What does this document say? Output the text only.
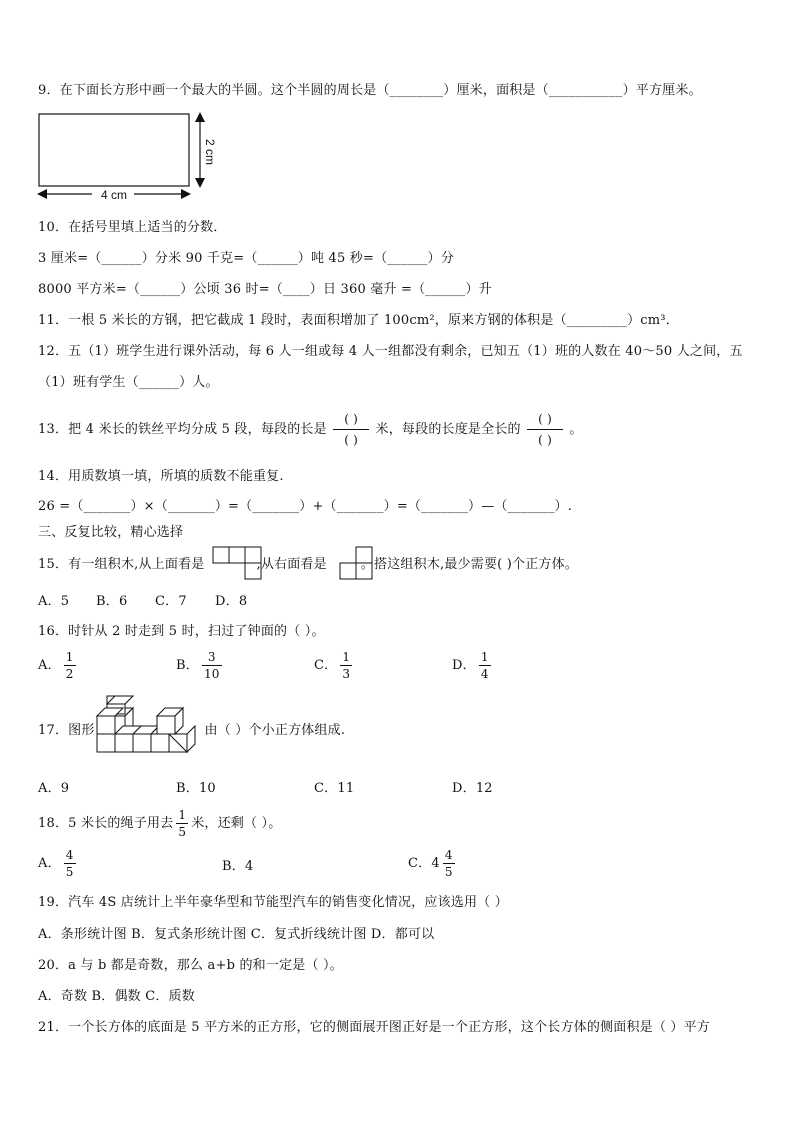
9．在下面长方形中画一个最大的半圆。这个半圆的周长是（________）厘米，面积是（___________）平方厘米。
2 cm
4 cm
10．在括号里填上适当的分数．
3 厘米=（______）分米 90 千克=（______）吨 45 秒=（______）分
8000 平方米=（______）公顷 36 时=（____）日 360 毫升 =（______）升
11．一根 5 米长的方钢，把它截成 1 段时，表面积增加了 100cm²，原来方钢的体积是（_________）cm³．
12．五（1）班学生进行课外活动，每 6 人一组或每 4 人一组都没有剩余，已知五（1）班的人数在 40～50 人之间，五
（1）班有学生（______）人。
13．把 4 米长的铁丝平均分成 5 段，每段的长是 $\frac{( )}{( )}$ 米，每段的长度是全长的 $\frac{( )}{( )}$ 。
14．用质数填一填，所填的质数不能重复.
26 =（_______）×（_______）=（_______）+（_______）=（_______）—（_______）.
三、反复比较，精心选择
15．有一组积木,从上面看是	,从右面看是	。搭这组积木,最少需要( )个正方体。
A．5 B．6 C．7 D．8
16．时针从 2 时走到 5 时，扫过了钟面的（ ）。
A． $\frac{1}{2}$	B． $\frac{3}{10}$	C． $\frac{1}{3}$	D． $\frac{1}{4}$
17．图形	由（ ）个小正方体组成.
A．9	B．10	C．11	D．12
18．5 米长的绳子用去 $\frac{1}{5}$ 米，还剩（ ）。
A． $\frac{4}{5}$	B．4	C． $4 \frac{4}{5}$
19．汽车 4S 店统计上半年豪华型和节能型汽车的销售变化情况，应该选用（ ）
A．条形统计图 B．复式条形统计图 C．复式折线统计图 D．都可以
20．a 与 b 都是奇数，那么 a+b 的和一定是（ ）。
A．奇数 B．偶数 C．质数
21．一个长方体的底面是 5 平方米的正方形，它的侧面展开图正好是一个正方形，这个长方体的侧面积是（ ）平方
